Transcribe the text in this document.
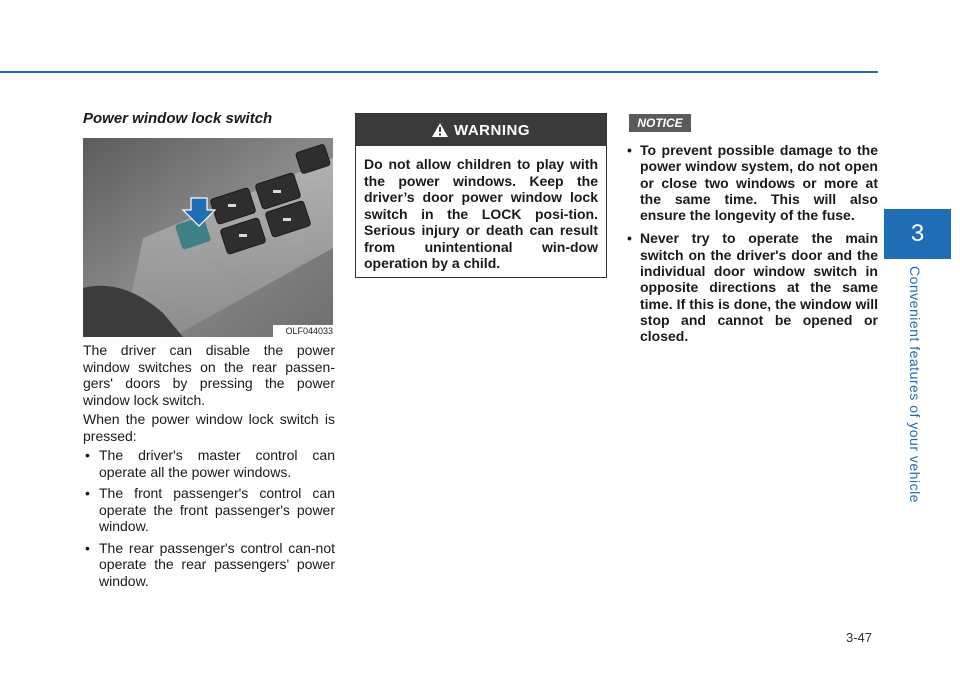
3
Convenient features of your vehicle
Power window lock switch
OLF044033
The driver can disable the power window switches on the rear passen-gers' doors by pressing the power window lock switch.
When the power window lock switch is pressed:
• The driver's master control can operate all the power windows.
• The front passenger's control can operate the front passenger's power window.
• The rear passenger's control can-not operate the rear passengers' power window.
WARNING
Do not allow children to play with the power windows. Keep the driver’s door power window lock switch in the LOCK posi-tion. Serious injury or death can result from unintentional win-dow operation by a child.
NOTICE
• To prevent possible damage to the power window system, do not open or close two windows or more at the same time. This will also ensure the longevity of the fuse.
• Never try to operate the main switch on the driver's door and the individual door window switch in opposite directions at the same time. If this is done, the window will stop and cannot be opened or closed.
3-47
